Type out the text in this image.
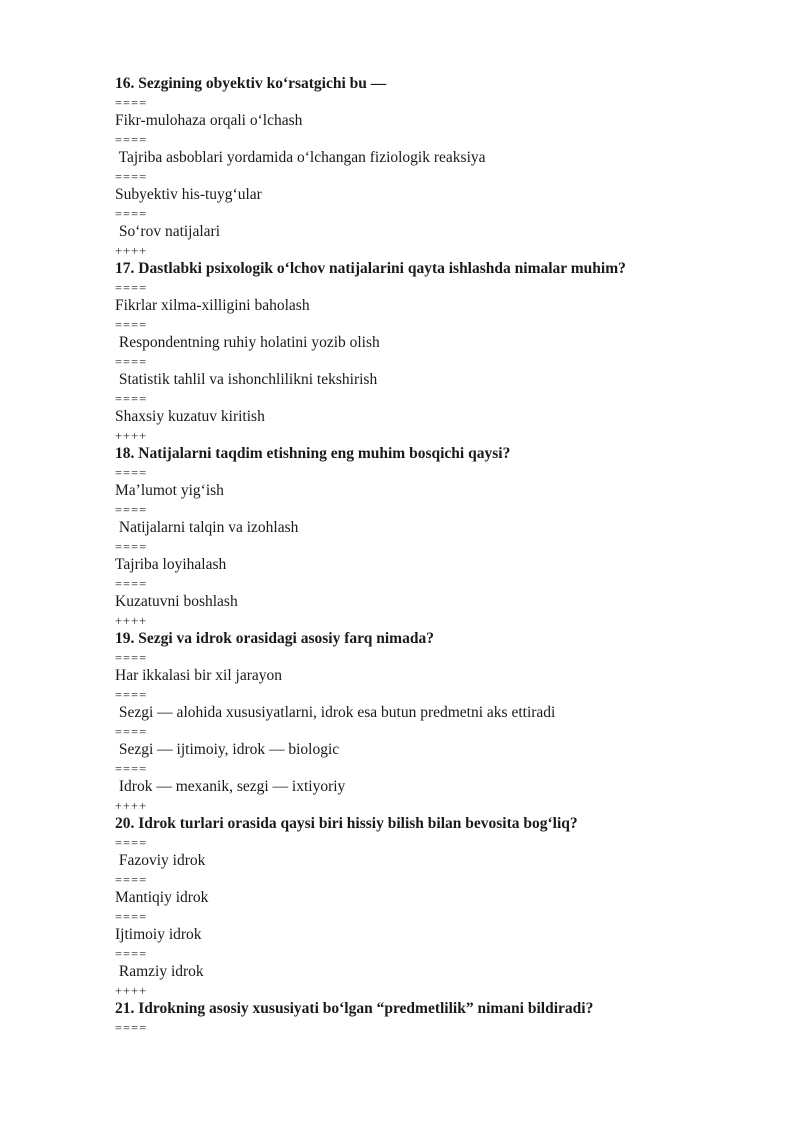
16. Sezgining obyektiv ko‘rsatgichi bu —
====
Fikr-mulohaza orqali o‘lchash
====
Tajriba asboblari yordamida o‘lchangan fiziologik reaksiya
====
Subyektiv his-tuyg‘ular
====
So‘rov natijalari
++++
17. Dastlabki psixologik o‘lchov natijalarini qayta ishlashda nimalar muhim?
====
Fikrlar xilma-xilligini baholash
====
Respondentning ruhiy holatini yozib olish
====
Statistik tahlil va ishonchlilikni tekshirish
====
Shaxsiy kuzatuv kiritish
++++
18. Natijalarni taqdim etishning eng muhim bosqichi qaysi?
====
Ma’lumot yig‘ish
====
Natijalarni talqin va izohlash
====
Tajriba loyihalash
====
Kuzatuvni boshlash
++++
19. Sezgi va idrok orasidagi asosiy farq nimada?
====
Har ikkalasi bir xil jarayon
====
Sezgi — alohida xususiyatlarni, idrok esa butun predmetni aks ettiradi
====
Sezgi — ijtimoiy, idrok — biologic
====
Idrok — mexanik, sezgi — ixtiyoriy
++++
20. Idrok turlari orasida qaysi biri hissiy bilish bilan bevosita bog‘liq?
====
Fazoviy idrok
====
Mantiqiy idrok
====
Ijtimoiy idrok
====
Ramziy idrok
++++
21. Idrokning asosiy xususiyati bo‘lgan “predmetlilik” nimani bildiradi?
====
